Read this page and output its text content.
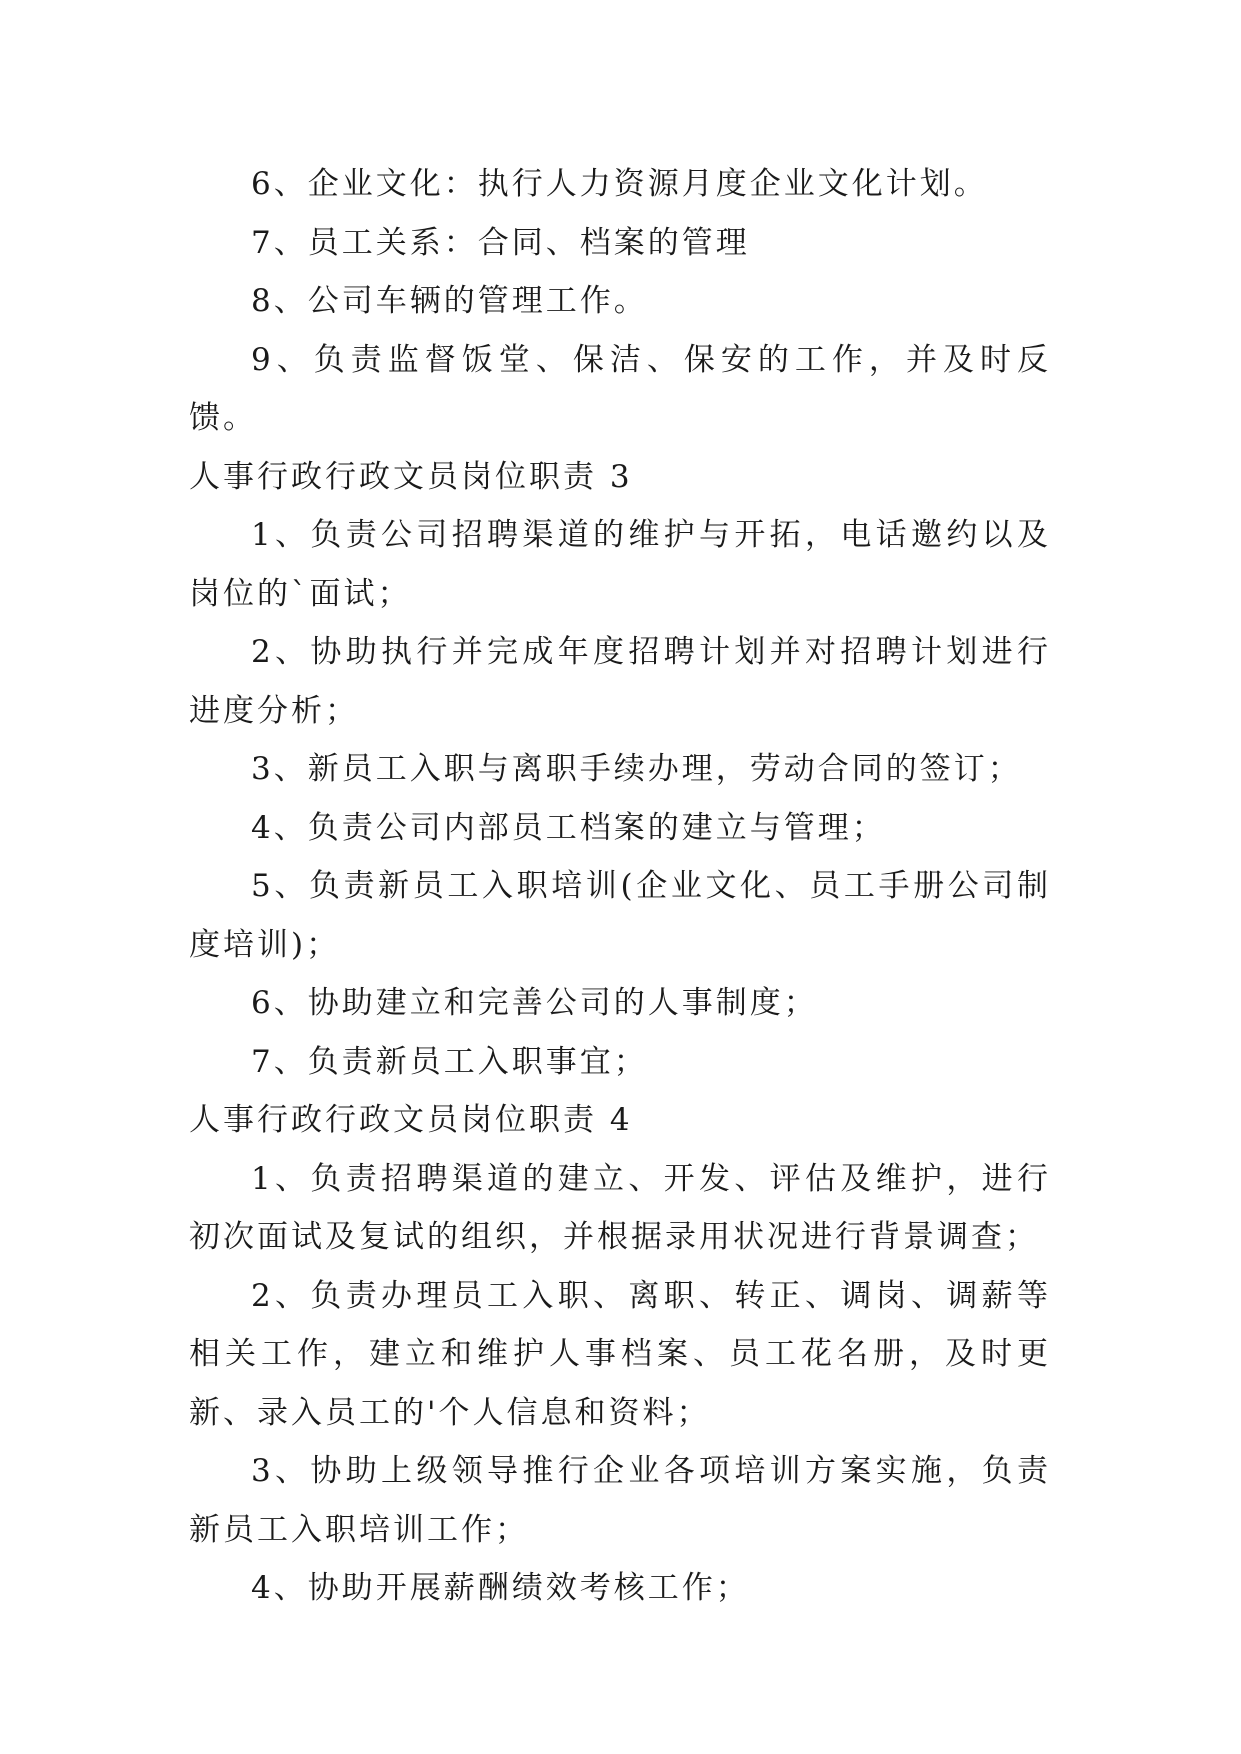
6、企业文化：执行人力资源月度企业文化计划。

7、员工关系：合同、档案的管理

8、公司车辆的管理工作。

9、负责监督饭堂、保洁、保安的工作，并及时反馈。

人事行政行政文员岗位职责 3

1、负责公司招聘渠道的维护与开拓，电话邀约以及岗位的`面试；

2、协助执行并完成年度招聘计划并对招聘计划进行进度分析；

3、新员工入职与离职手续办理，劳动合同的签订；

4、负责公司内部员工档案的建立与管理；

5、负责新员工入职培训(企业文化、员工手册公司制度培训)；

6、协助建立和完善公司的人事制度；

7、负责新员工入职事宜；

人事行政行政文员岗位职责 4

1、负责招聘渠道的建立、开发、评估及维护，进行初次面试及复试的组织，并根据录用状况进行背景调查；

2、负责办理员工入职、离职、转正、调岗、调薪等相关工作，建立和维护人事档案、员工花名册，及时更新、录入员工的'个人信息和资料；

3、协助上级领导推行企业各项培训方案实施，负责新员工入职培训工作；

4、协助开展薪酬绩效考核工作；
